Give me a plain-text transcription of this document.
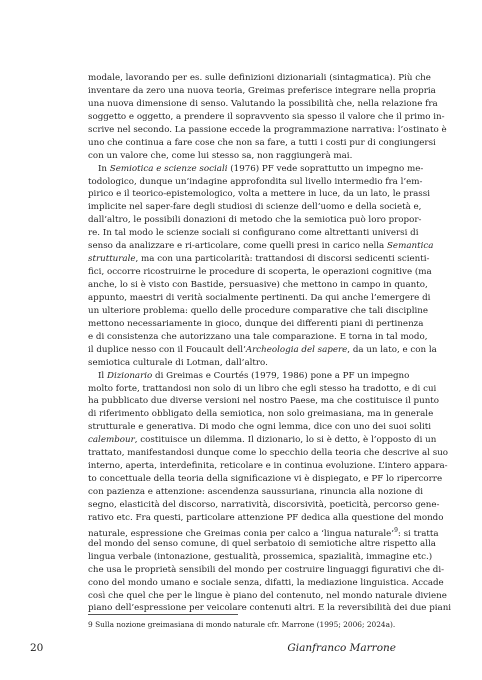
modale, lavorando per es. sulle definizioni dizionariali (sintagmatica). Più che
inventare da zero una nuova teoria, Greimas preferisce integrare nella propria
una nuova dimensione di senso. Valutando la possibilità che, nella relazione fra
soggetto e oggetto, a prendere il sopravvento sia spesso il valore che il primo in-
scrive nel secondo. La passione eccede la programmazione narrativa: l’ostinato è
uno che continua a fare cose che non sa fare, a tutti i costi pur di congiungersi
con un valore che, come lui stesso sa, non raggiungerà mai.
In Semiotica e scienze sociali (1976) PF vede soprattutto un impegno me-
todologico, dunque un’indagine approfondita sul livello intermedio fra l’em-
pirico e il teorico-epistemologico, volta a mettere in luce, da un lato, le prassi
implicite nel saper-fare degli studiosi di scienze dell’uomo e della società e,
dall’altro, le possibili donazioni di metodo che la semiotica può loro propor-
re. In tal modo le scienze sociali si configurano come altrettanti universi di
senso da analizzare e ri-articolare, come quelli presi in carico nella Semantica
strutturale, ma con una particolarità: trattandosi di discorsi sedicenti scienti-
fici, occorre ricostruirne le procedure di scoperta, le operazioni cognitive (ma
anche, lo si è visto con Bastide, persuasive) che mettono in campo in quanto,
appunto, maestri di verità socialmente pertinenti. Da qui anche l’emergere di
un ulteriore problema: quello delle procedure comparative che tali discipline
mettono necessariamente in gioco, dunque dei differenti piani di pertinenza
e di consistenza che autorizzano una tale comparazione. E torna in tal modo,
il duplice nesso con il Foucault dell’Archeologia del sapere, da un lato, e con la
semiotica culturale di Lotman, dall’altro.
Il Dizionario di Greimas e Courtés (1979, 1986) pone a PF un impegno
molto forte, trattandosi non solo di un libro che egli stesso ha tradotto, e di cui
ha pubblicato due diverse versioni nel nostro Paese, ma che costituisce il punto
di riferimento obbligato della semiotica, non solo greimasiana, ma in generale
strutturale e generativa. Di modo che ogni lemma, dice con uno dei suoi soliti
calembour, costituisce un dilemma. Il dizionario, lo si è detto, è l’opposto di un
trattato, manifestandosi dunque come lo specchio della teoria che descrive al suo
interno, aperta, interdefinita, reticolare e in continua evoluzione. L’intero appara-
to concettuale della teoria della significazione vi è dispiegato, e PF lo ripercorre
con pazienza e attenzione: ascendenza saussuriana, rinuncia alla nozione di
segno, elasticità del discorso, narratività, discorsività, poeticità, percorso gene-
rativo etc. Fra questi, particolare attenzione PF dedica alla questione del mondo
naturale, espressione che Greimas conia per calco a ‘lingua naturale’$^9$: si tratta
del mondo del senso comune, di quel serbatoio di semiotiche altre rispetto alla
lingua verbale (intonazione, gestualità, prossemica, spazialità, immagine etc.)
che usa le proprietà sensibili del mondo per costruire linguaggi figurativi che di-
cono del mondo umano e sociale senza, difatti, la mediazione linguistica. Accade
così che quel che per le lingue è piano del contenuto, nel mondo naturale diviene
piano dell’espressione per veicolare contenuti altri. E la reversibilità dei due piani
9 Sulla nozione greimasiana di mondo naturale cfr. Marrone (1995; 2006; 2024a).
20	Gianfranco Marrone
